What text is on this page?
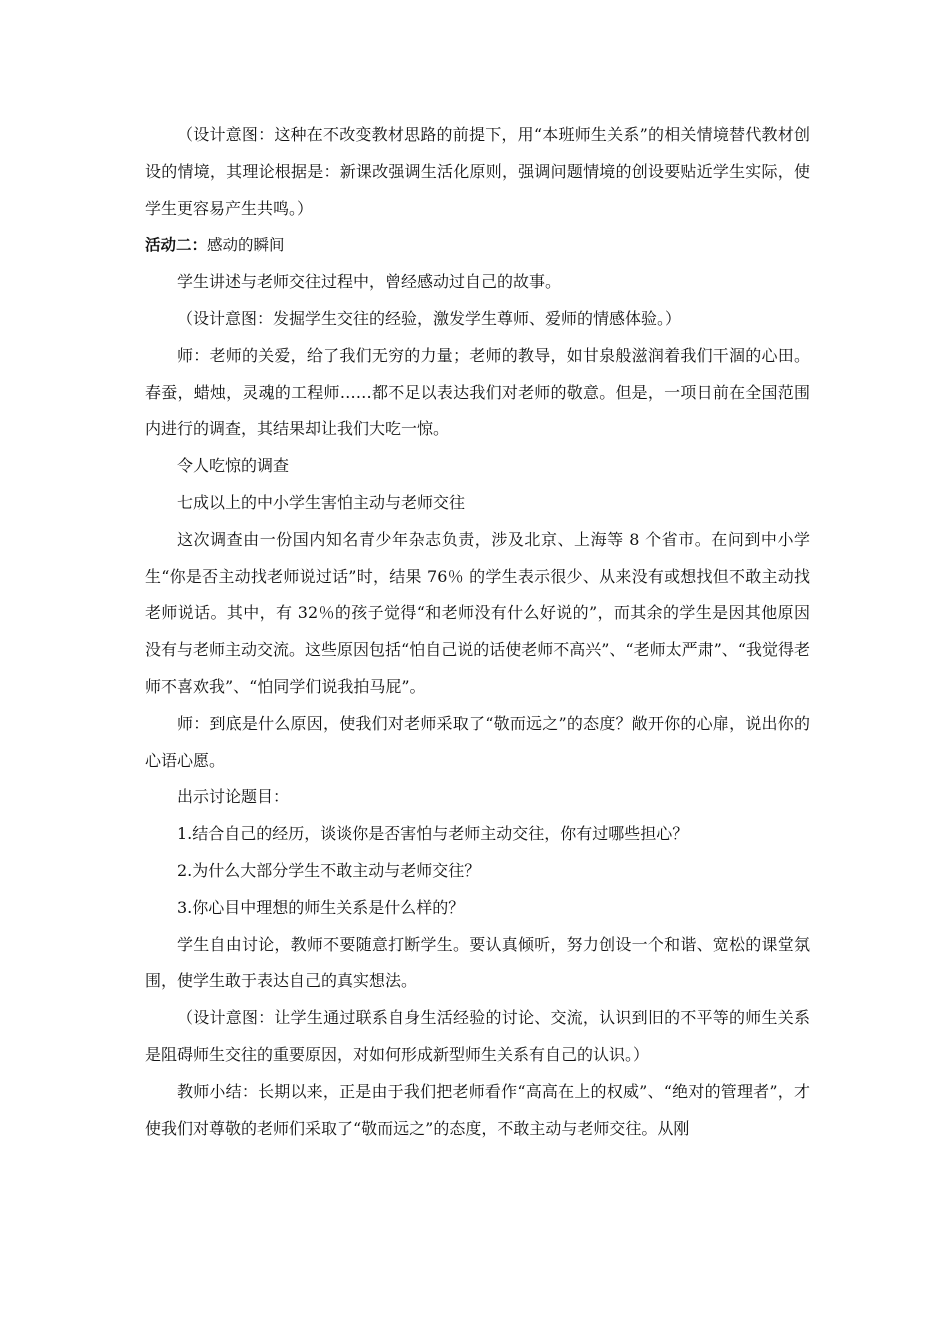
（设计意图：这种在不改变教材思路的前提下，用“本班师生关系”的相关情境替代教材创设的情境，其理论根据是：新课改强调生活化原则，强调问题情境的创设要贴近学生实际，使学生更容易产生共鸣。）

活动二：感动的瞬间

学生讲述与老师交往过程中，曾经感动过自己的故事。

（设计意图：发掘学生交往的经验，激发学生尊师、爱师的情感体验。）

师：老师的关爱，给了我们无穷的力量；老师的教导，如甘泉般滋润着我们干涸的心田。春蚕，蜡烛，灵魂的工程师……都不足以表达我们对老师的敬意。但是，一项日前在全国范围内进行的调查，其结果却让我们大吃一惊。

令人吃惊的调查

七成以上的中小学生害怕主动与老师交往

这次调查由一份国内知名青少年杂志负责，涉及北京、上海等 8 个省市。在问到中小学生“你是否主动找老师说过话”时，结果 76％ 的学生表示很少、从来没有或想找但不敢主动找老师说话。其中，有 32％的孩子觉得“和老师没有什么好说的”，而其余的学生是因其他原因没有与老师主动交流。这些原因包括“怕自己说的话使老师不高兴”、“老师太严肃”、“我觉得老师不喜欢我”、“怕同学们说我拍马屁”。

师：到底是什么原因，使我们对老师采取了“敬而远之”的态度？敞开你的心扉，说出你的心语心愿。

出示讨论题目：

1.结合自己的经历，谈谈你是否害怕与老师主动交往，你有过哪些担心？

2.为什么大部分学生不敢主动与老师交往？

3.你心目中理想的师生关系是什么样的？

学生自由讨论，教师不要随意打断学生。要认真倾听，努力创设一个和谐、宽松的课堂氛围，使学生敢于表达自己的真实想法。

（设计意图：让学生通过联系自身生活经验的讨论、交流，认识到旧的不平等的师生关系是阻碍师生交往的重要原因，对如何形成新型师生关系有自己的认识。）

教师小结：长期以来，正是由于我们把老师看作“高高在上的权威”、“绝对的管理者”，才使我们对尊敬的老师们采取了“敬而远之”的态度，不敢主动与老师交往。从刚
